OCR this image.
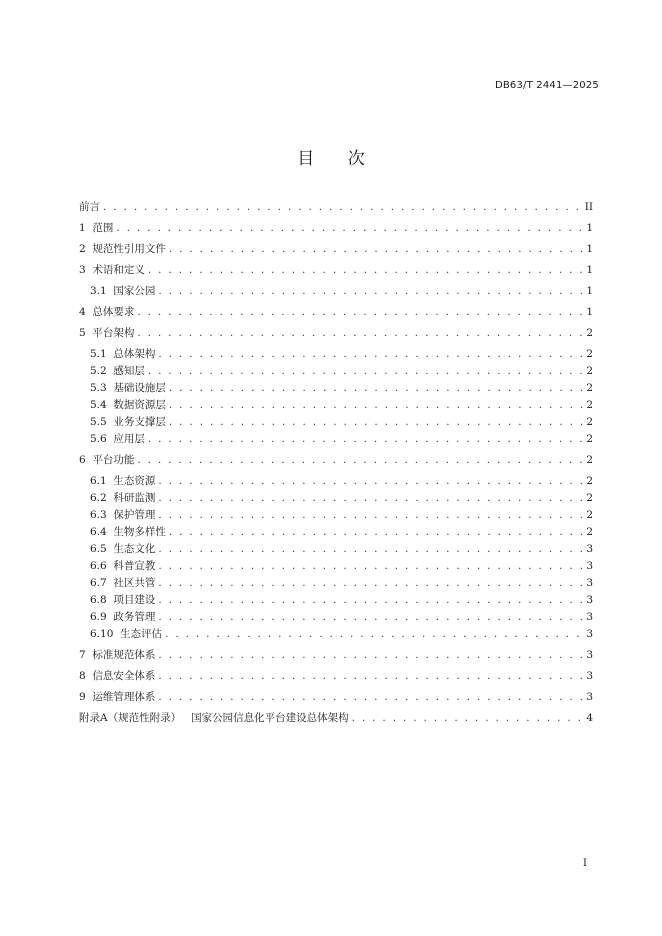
DB63/T 2441—2025
目 次
前言 . . .	II
1  范围 . . .	1
2  规范性引用文件 . . .	1
3  术语和定义 . . .	1
3.1  国家公园 . . .	1
4  总体要求 . . .	1
5  平台架构 . . .	2
5.1  总体架构 . . .	2
5.2  感知层 . . .	2
5.3  基础设施层 . . .	2
5.4  数据资源层 . . .	2
5.5  业务支撑层 . . .	2
5.6  应用层 . . .	2
6  平台功能 . . .	2
6.1  生态资源 . . .	2
6.2  科研监测 . . .	2
6.3  保护管理 . . .	2
6.4  生物多样性 . . .	2
6.5  生态文化 . . .	3
6.6  科普宣教 . . .	3
6.7  社区共管 . . .	3
6.8  项目建设 . . .	3
6.9  政务管理 . . .	3
6.10  生态评估 . . .	3
7  标准规范体系 . . .	3
8  信息安全体系 . . .	3
9  运维管理体系 . . .	3
附录A（规范性附录）   国家公园信息化平台建设总体架构 . . .	4
I
